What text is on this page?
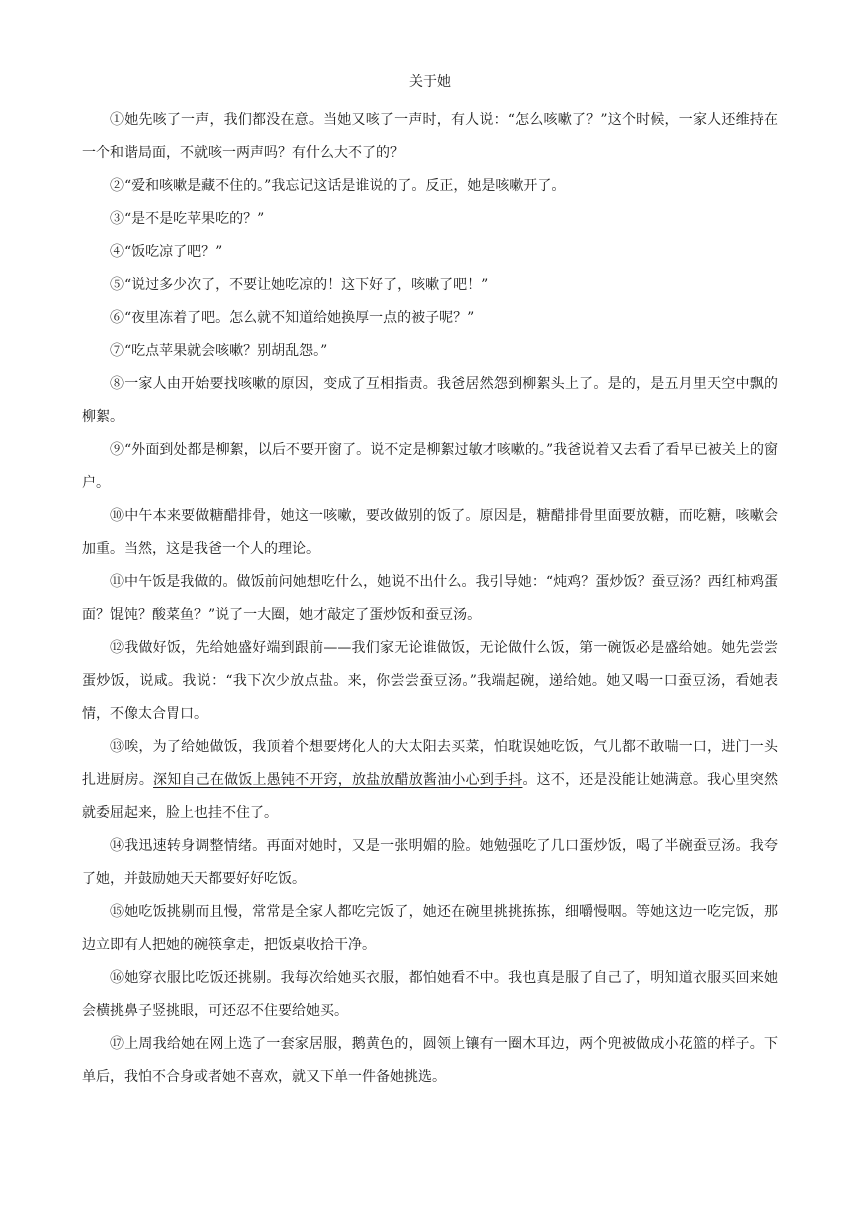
关于她

①她先咳了一声，我们都没在意。当她又咳了一声时，有人说：“怎么咳嗽了？”这个时候，一家人还维持在一个和谐局面，不就咳一两声吗？有什么大不了的？

②“爱和咳嗽是藏不住的。”我忘记这话是谁说的了。反正，她是咳嗽开了。

③“是不是吃苹果吃的？”

④“饭吃凉了吧？”

⑤“说过多少次了，不要让她吃凉的！这下好了，咳嗽了吧！”

⑥“夜里冻着了吧。怎么就不知道给她换厚一点的被子呢？”

⑦“吃点苹果就会咳嗽？别胡乱怨。”

⑧一家人由开始要找咳嗽的原因，变成了互相指责。我爸居然怨到柳絮头上了。是的，是五月里天空中飘的柳絮。

⑨“外面到处都是柳絮，以后不要开窗了。说不定是柳絮过敏才咳嗽的。”我爸说着又去看了看早已被关上的窗户。

⑩中午本来要做糖醋排骨，她这一咳嗽，要改做别的饭了。原因是，糖醋排骨里面要放糖，而吃糖，咳嗽会加重。当然，这是我爸一个人的理论。

⑪中午饭是我做的。做饭前问她想吃什么，她说不出什么。我引导她：“炖鸡？蛋炒饭？蚕豆汤？西红柿鸡蛋面？馄饨？酸菜鱼？”说了一大圈，她才敲定了蛋炒饭和蚕豆汤。

⑫我做好饭，先给她盛好端到跟前——我们家无论谁做饭，无论做什么饭，第一碗饭必是盛给她。她先尝尝蛋炒饭，说咸。我说：“我下次少放点盐。来，你尝尝蚕豆汤。”我端起碗，递给她。她又喝一口蚕豆汤，看她表情，不像太合胃口。

⑬唉，为了给她做饭，我顶着个想要烤化人的大太阳去买菜，怕耽误她吃饭，气儿都不敢喘一口，进门一头扎进厨房。深知自己在做饭上愚钝不开窍，放盐放醋放酱油小心到手抖。这不，还是没能让她满意。我心里突然就委屈起来，脸上也挂不住了。

⑭我迅速转身调整情绪。再面对她时，又是一张明媚的脸。她勉强吃了几口蛋炒饭，喝了半碗蚕豆汤。我夸了她，并鼓励她天天都要好好吃饭。

⑮她吃饭挑剔而且慢，常常是全家人都吃完饭了，她还在碗里挑挑拣拣，细嚼慢咽。等她这边一吃完饭，那边立即有人把她的碗筷拿走，把饭桌收拾干净。

⑯她穿衣服比吃饭还挑剔。我每次给她买衣服，都怕她看不中。我也真是服了自己了，明知道衣服买回来她会横挑鼻子竖挑眼，可还忍不住要给她买。

⑰上周我给她在网上选了一套家居服，鹅黄色的，圆领上镶有一圈木耳边，两个兜被做成小花篮的样子。下单后，我怕不合身或者她不喜欢，就又下单一件备她挑选。
